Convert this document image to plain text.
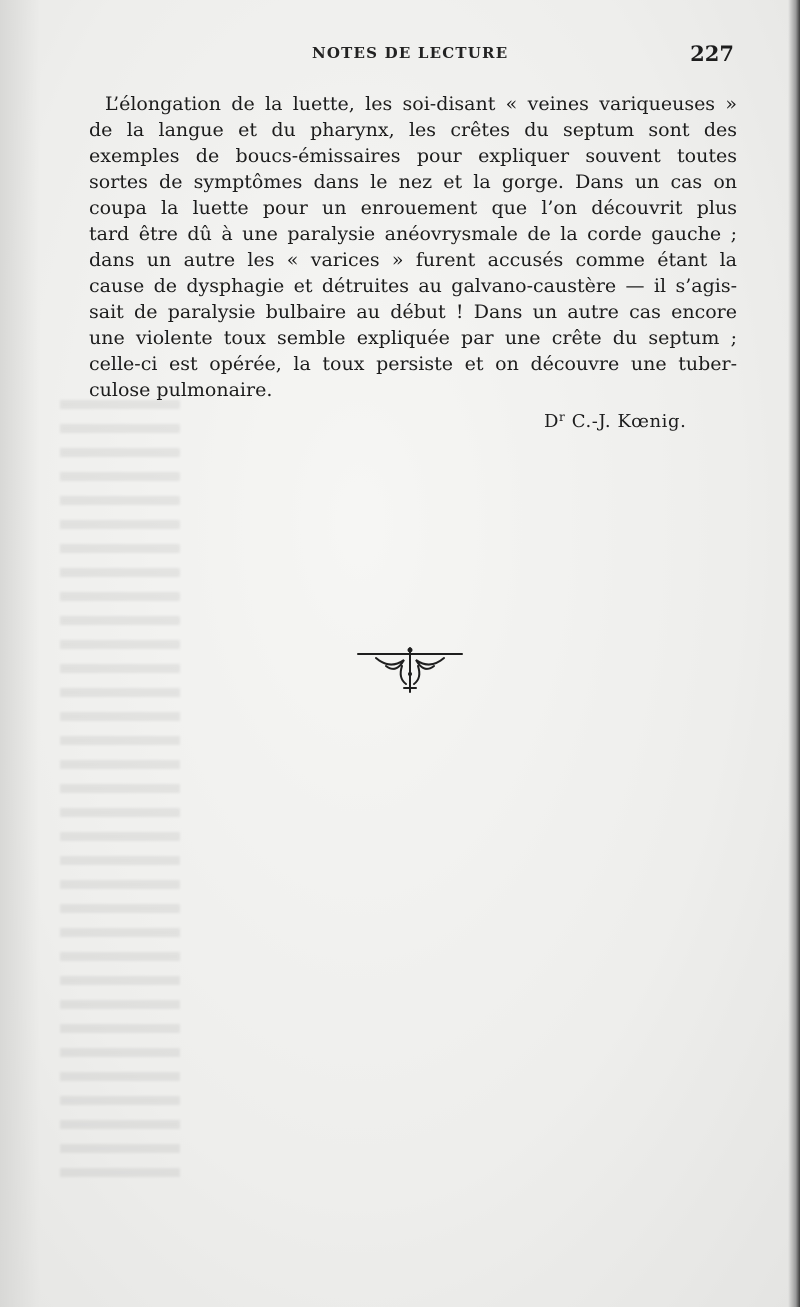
NOTES DE LECTURE	227
L’élongation de la luette, les soi-disant « veines variqueuses »
de la langue et du pharynx, les crêtes du septum sont des
exemples de boucs-émissaires pour expliquer souvent toutes
sortes de symptômes dans le nez et la gorge. Dans un cas on
coupa la luette pour un enrouement que l’on découvrit plus
tard être dû à une paralysie anéovrysmale de la corde gauche ;
dans un autre les « varices » furent accusés comme étant la
cause de dysphagie et détruites au galvano-caustère — il s’agis-
sait de paralysie bulbaire au début ! Dans un autre cas encore
une violente toux semble expliquée par une crête du septum ;
celle-ci est opérée, la toux persiste et on découvre une tuber-
culose pulmonaire.
$D^r$ C.-J. Kœnig.
